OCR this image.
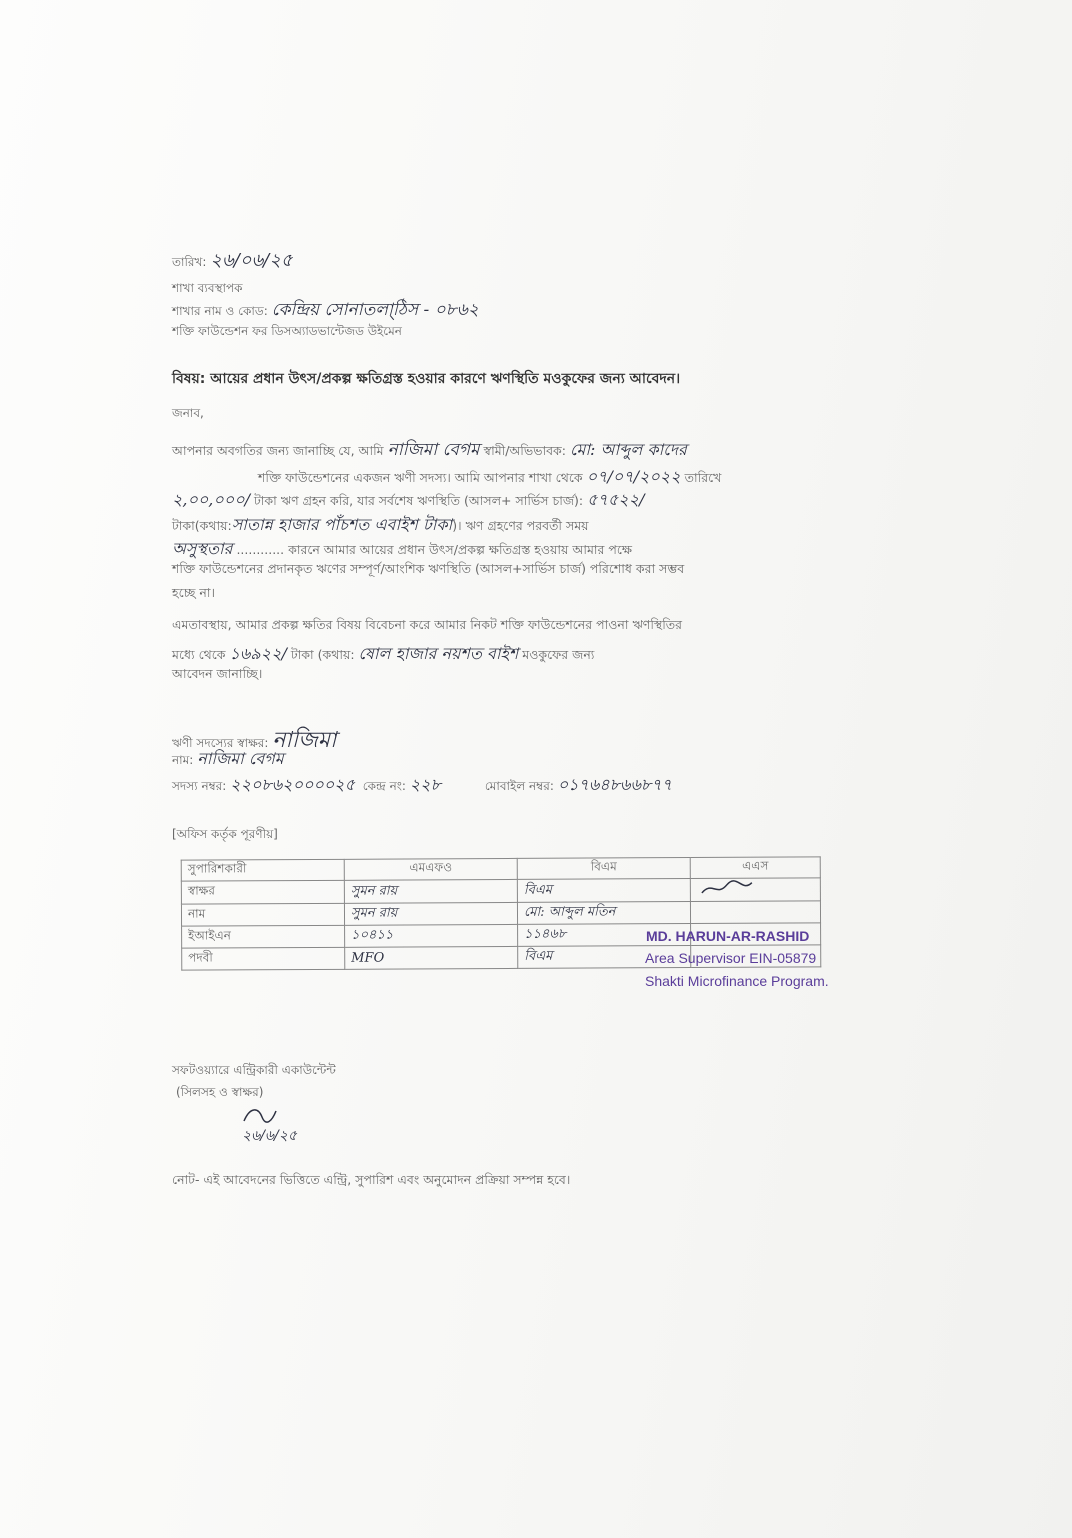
তারিখ: ২৬/০৬/২৫
শাখা ব্যবস্থাপক
শাখার নাম ও কোড: কেন্দ্রিয় সোনাতলা্ঠিস - ০৮৬২
শক্তি ফাউন্ডেশন ফর ডিসঅ্যাডভান্টেজড উইমেন
বিষয়: আয়ের প্রধান উৎস/প্রকল্প ক্ষতিগ্রস্ত হওয়ার কারণে ঋণস্থিতি মওকুফের জন্য আবেদন।
জনাব,
আপনার অবগতির জন্য জানাচ্ছি যে, আমি নাজিমা বেগম স্বামী/অভিভাবক: মো: আব্দুল কাদের
শক্তি ফাউন্ডেশনের একজন ঋণী সদস্য। আমি আপনার শাখা থেকে ০৭/০৭/২০২২ তারিখে
২,০০,০০০/ টাকা ঋণ গ্রহন করি, যার সর্বশেষ ঋণস্থিতি (আসল+ সার্ভিস চার্জ): ৫৭৫২২/
টাকা(কথায়:সাতান্ন হাজার পাঁচশত এবাইশ টাকা)। ঋণ গ্রহণের পরবর্তী সময়
অসুস্থতার ............ কারনে আমার আয়ের প্রধান উৎস/প্রকল্প ক্ষতিগ্রস্ত হওয়ায় আমার পক্ষে
শক্তি ফাউন্ডেশনের প্রদানকৃত ঋণের সম্পূর্ণ/আংশিক ঋণস্থিতি (আসল+সার্ভিস চার্জ) পরিশোধ করা সম্ভব
হচ্ছে না।
এমতাবস্থায়, আমার প্রকল্প ক্ষতির বিষয় বিবেচনা করে আমার নিকট শক্তি ফাউন্ডেশনের পাওনা ঋণস্থিতির
মধ্যে থেকে ১৬৯২২/ টাকা (কথায়: ষোল হাজার নয়শত বাইশ মওকুফের জন্য
আবেদন জানাচ্ছি।
ঋণী সদস্যের স্বাক্ষর: নাজিমা
নাম: নাজিমা বেগম
সদস্য নম্বর: ২২০৮৬২০০০০২৫ কেন্দ্র নং: ২২৮	মোবাইল নম্বর: ০১৭৬৪৮৬৬৮৭৭
[অফিস কর্তৃক পূরণীয়]
সুপারিশকারী	এমএফও	বিএম	এএস
স্বাক্ষর	সুমন রায়	বিএম	
নাম	সুমন রায়	মো: আব্দুল মতিন	
ইআইএন	১০৪১১	১১৪৬৮	
পদবী	MFO	বিএম	
MD. HARUN-AR-RASHID
Area Supervisor EIN-05879
Shakti Microfinance Program.
সফটওয়্যারে এন্ট্রিকারী একাউন্টেন্ট
(সিলসহ ও স্বাক্ষর)
২৬/৬/২৫
নোট- এই আবেদনের ভিত্তিতে এন্ট্রি, সুপারিশ এবং অনুমোদন প্রক্রিয়া সম্পন্ন হবে।
